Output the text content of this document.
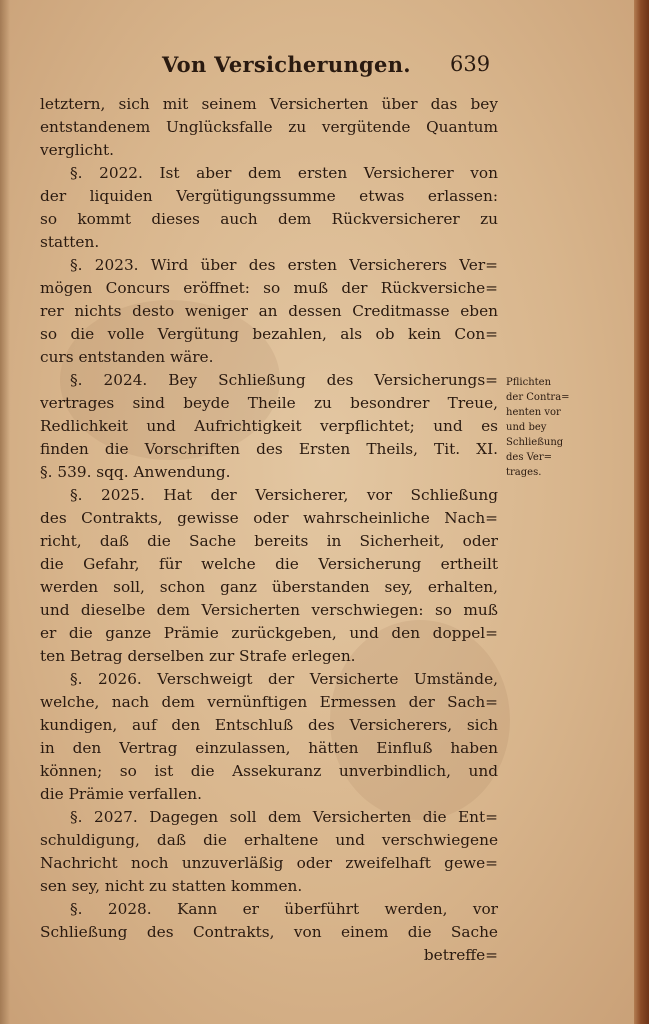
Von Versicherungen. 639
letztern, sich mit seinem Versicherten über das bey
entstandenem Unglücksfalle zu vergütende Quantum
verglicht.
§. 2022. Ist aber dem ersten Versicherer von
der liquiden Vergütigungssumme etwas erlassen:
so kommt dieses auch dem Rückversicherer zu
statten.
§. 2023. Wird über des ersten Versicherers Ver=
mögen Concurs eröffnet: so muß der Rückversiche=
rer nichts desto weniger an dessen Creditmasse eben
so die volle Vergütung bezahlen, als ob kein Con=
curs entstanden wäre.
§. 2024. Bey Schließung des Versicherungs=
vertrages sind beyde Theile zu besondrer Treue,
Redlichkeit und Aufrichtigkeit verpflichtet; und es
finden die Vorschriften des Ersten Theils, Tit. XI.
§. 539. sqq. Anwendung.
§. 2025. Hat der Versicherer, vor Schließung
des Contrakts, gewisse oder wahrscheinliche Nach=
richt, daß die Sache bereits in Sicherheit, oder
die Gefahr, für welche die Versicherung ertheilt
werden soll, schon ganz überstanden sey, erhalten,
und dieselbe dem Versicherten verschwiegen: so muß
er die ganze Prämie zurückgeben, und den doppel=
ten Betrag derselben zur Strafe erlegen.
§. 2026. Verschweigt der Versicherte Umstände,
welche, nach dem vernünftigen Ermessen der Sach=
kundigen, auf den Entschluß des Versicherers, sich
in den Vertrag einzulassen, hätten Einfluß haben
können; so ist die Assekuranz unverbindlich, und
die Prämie verfallen.
§. 2027. Dagegen soll dem Versicherten die Ent=
schuldigung, daß die erhaltene und verschwiegene
Nachricht noch unzuverläßig oder zweifelhaft gewe=
sen sey, nicht zu statten kommen.
§. 2028. Kann er überführt werden, vor
Schließung des Contrakts, von einem die Sache
betreffe=
Pflichten
der Contra=
henten vor
und bey
Schließung
des Ver=
trages.
